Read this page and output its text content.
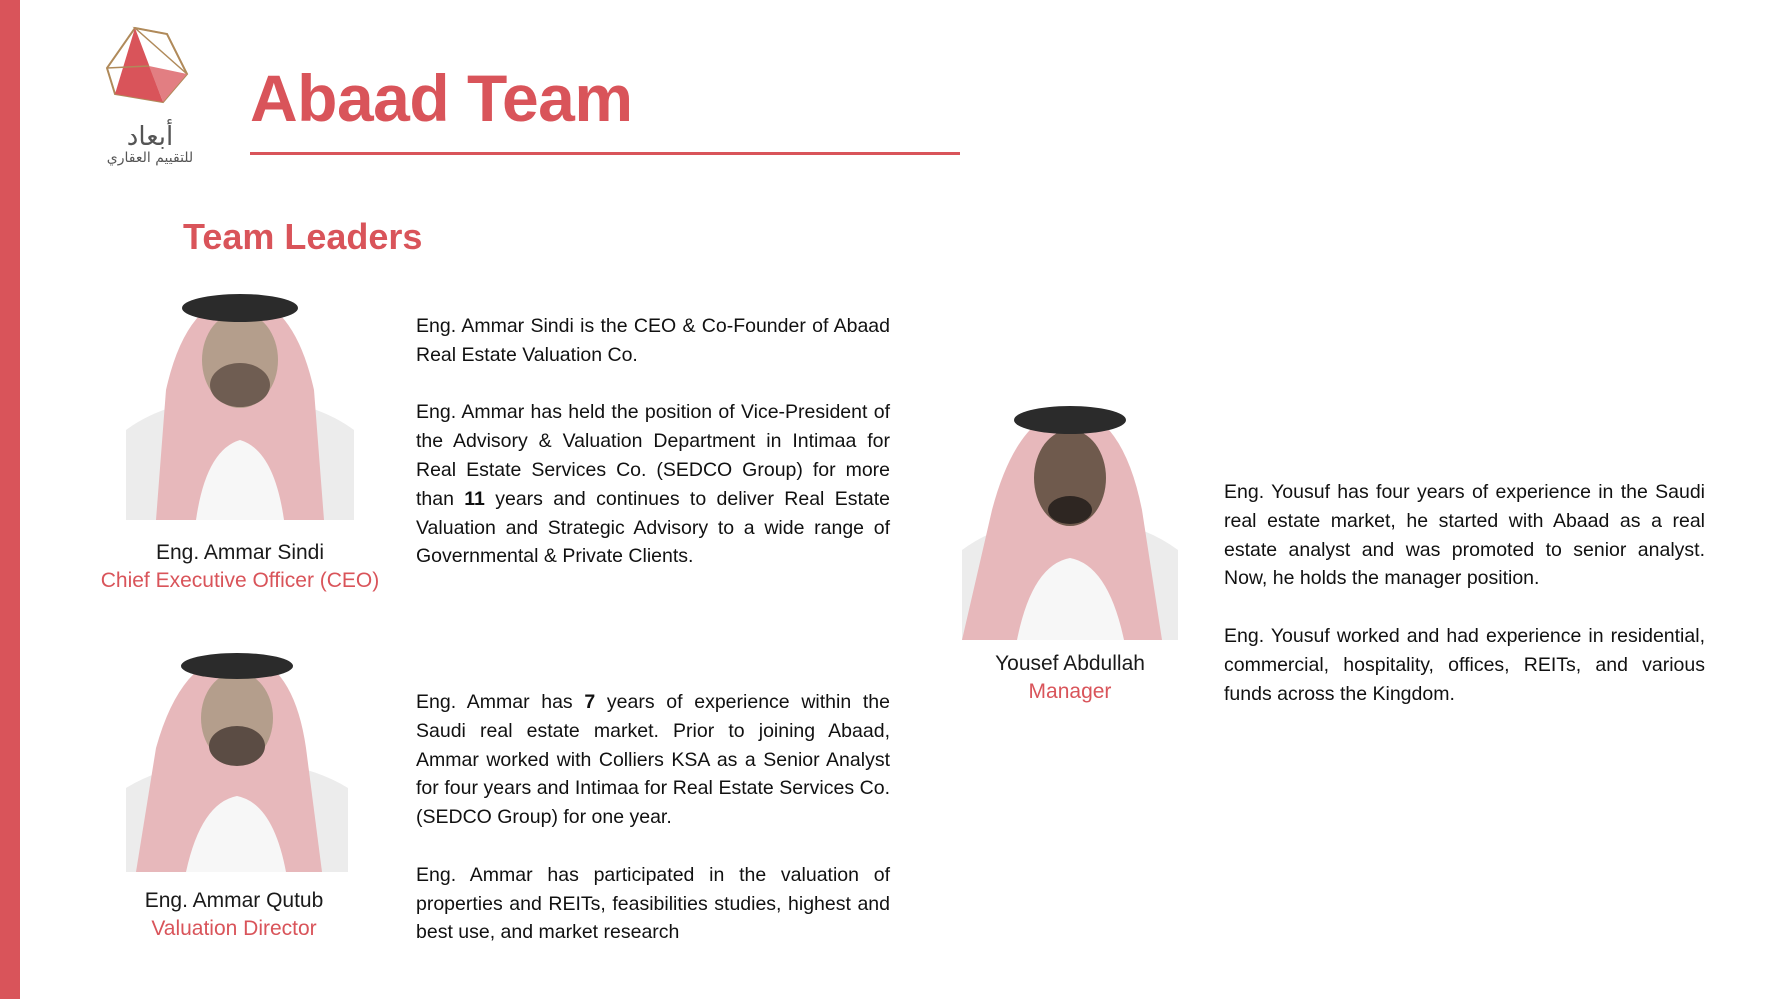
أبعاد
للتقييم العقاري
Abaad Team
Team Leaders
Eng. Ammar Sindi
Chief Executive Officer (CEO)

Eng. Ammar Sindi is the CEO & Co-Founder of Abaad Real Estate Valuation Co.

Eng. Ammar has held the position of Vice-President of the Advisory & Valuation Department in Intimaa for Real Estate Services Co. (SEDCO Group) for more than 11 years and continues to deliver Real Estate Valuation and Strategic Advisory to a wide range of Governmental & Private Clients.

Eng. Ammar Qutub
Valuation Director

Eng. Ammar has 7 years of experience within the Saudi real estate market. Prior to joining Abaad, Ammar worked with Colliers KSA as a Senior Analyst for four years and Intimaa for Real Estate Services Co. (SEDCO Group) for one year.

Eng. Ammar has participated in the valuation of properties and REITs, feasibilities studies, highest and best use, and market research

Yousef Abdullah
Manager

Eng. Yousuf has four years of experience in the Saudi real estate market, he started with Abaad as a real estate analyst and was promoted to senior analyst. Now, he holds the manager position.

Eng. Yousuf worked and had experience in residential, commercial, hospitality, offices, REITs, and various funds across the Kingdom.
